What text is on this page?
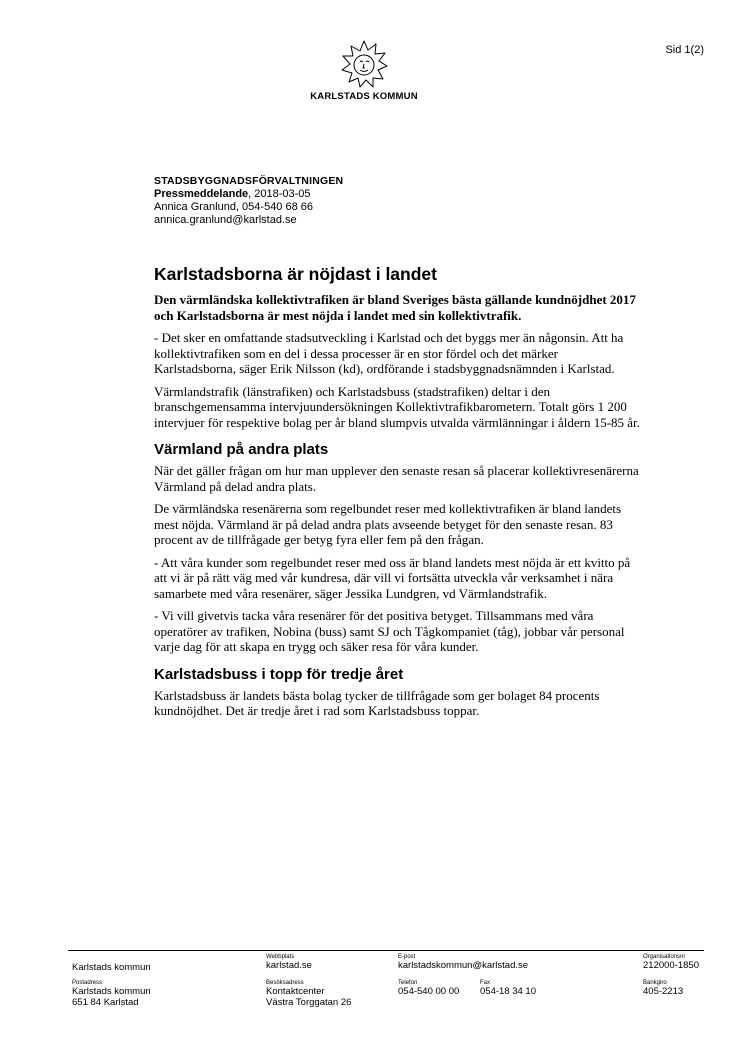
Sid 1(2)
KARLSTADS KOMMUN
STADSBYGGNADSFÖRVALTNINGEN
Pressmeddelande, 2018-03-05
Annica Granlund, 054-540 68 66
annica.granlund@karlstad.se
Karlstadsborna är nöjdast i landet

Den värmländska kollektivtrafiken är bland Sveriges bästa gällande kundnöjdhet 2017 och Karlstadsborna är mest nöjda i landet med sin kollektivtrafik.

- Det sker en omfattande stadsutveckling i Karlstad och det byggs mer än någonsin. Att ha kollektivtrafiken som en del i dessa processer är en stor fördel och det märker Karlstadsborna, säger Erik Nilsson (kd), ordförande i stadsbyggnadsnämnden i Karlstad.

Värmlandstrafik (länstrafiken) och Karlstadsbuss (stadstrafiken) deltar i den branschgemensamma intervjuundersökningen Kollektivtrafikbarometern. Totalt görs 1 200 intervjuer för respektive bolag per år bland slumpvis utvalda värmlänningar i åldern 15-85 år.

Värmland på andra plats

När det gäller frågan om hur man upplever den senaste resan så placerar kollektivresenärerna Värmland på delad andra plats.

De värmländska resenärerna som regelbundet reser med kollektivtrafiken är bland landets mest nöjda. Värmland är på delad andra plats avseende betyget för den senaste resan. 83 procent av de tillfrågade ger betyg fyra eller fem på den frågan.

- Att våra kunder som regelbundet reser med oss är bland landets mest nöjda är ett kvitto på att vi är på rätt väg med vår kundresa, där vill vi fortsätta utveckla vår verksamhet i nära samarbete med våra resenärer, säger Jessika Lundgren, vd Värmlandstrafik.

- Vi vill givetvis tacka våra resenärer för det positiva betyget. Tillsammans med våra operatörer av trafiken, Nobina (buss) samt SJ och Tågkompaniet (tåg), jobbar vår personal varje dag för att skapa en trygg och säker resa för våra kunder.

Karlstadsbuss i topp för tredje året

Karlstadsbuss är landets bästa bolag tycker de tillfrågade som ger bolaget 84 procents kundnöjdhet. Det är tredje året i rad som Karlstadsbuss toppar.

Karlstads kommun
Webbplats
karlstad.se
E-post
karlstadskommun@karlstad.se
Organisationsnr
212000-1850
Postadress
Karlstads kommun
651 84 Karlstad
Besöksadress
Kontaktcenter
Västra Torggatan 26
Telefon
054-540 00 00
Fax
054-18 34 10
Bankgiro
405-2213
